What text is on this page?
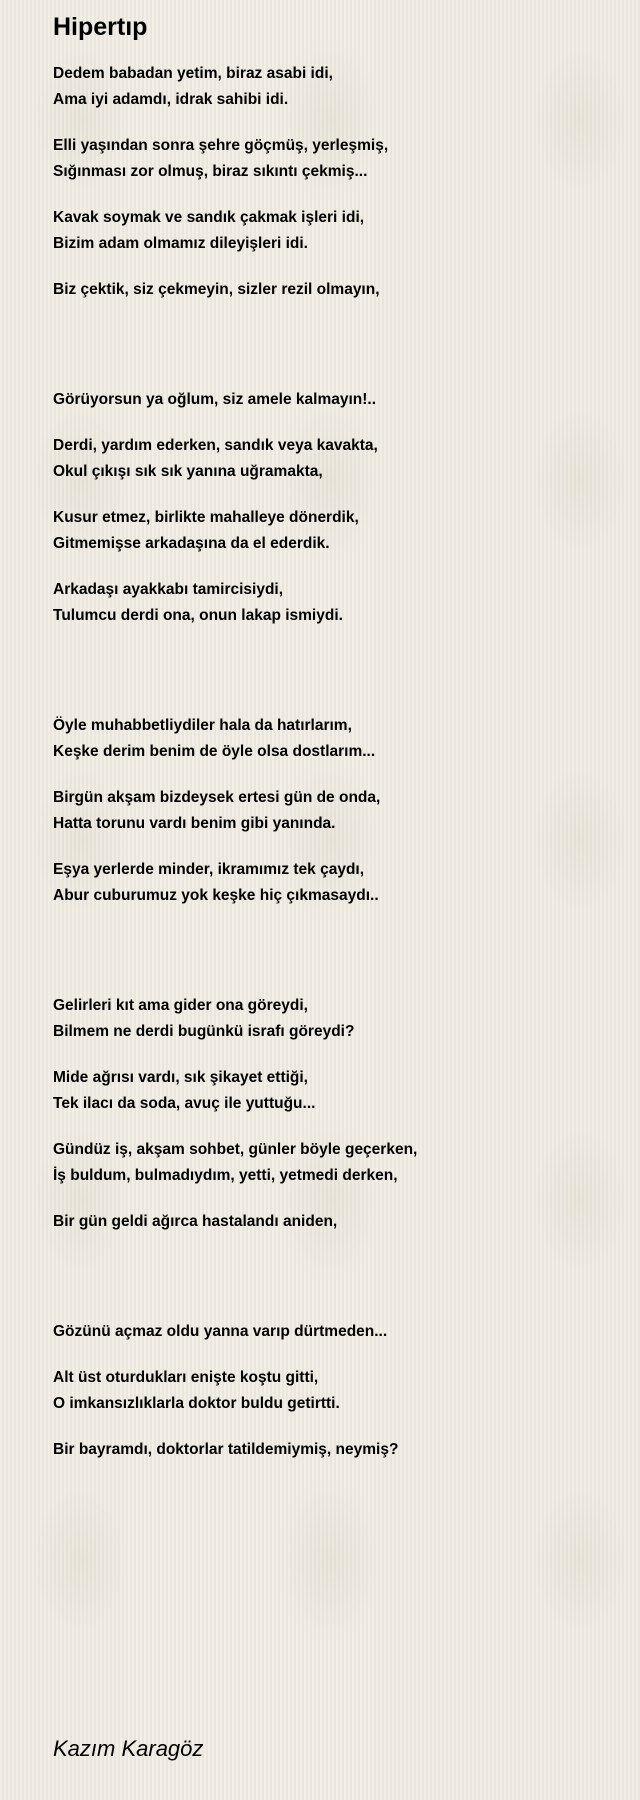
Hipertıp
Dedem babadan yetim, biraz asabi idi,
Ama iyi adamdı, idrak sahibi idi.
Elli yaşından sonra şehre göçmüş, yerleşmiş,
Sığınması zor olmuş, biraz sıkıntı çekmiş...
Kavak soymak ve sandık çakmak işleri idi,
Bizim adam olmamız dileyişleri idi.
Biz çektik, siz çekmeyin, sizler rezil olmayın,
Görüyorsun ya oğlum, siz amele kalmayın!..
Derdi, yardım ederken, sandık veya kavakta,
Okul çıkışı sık sık yanına uğramakta,
Kusur etmez, birlikte mahalleye dönerdik,
Gitmemişse arkadaşına da el ederdik.
Arkadaşı ayakkabı tamircisiydi,
Tulumcu derdi ona, onun lakap ismiydi.
Öyle muhabbetliydiler hala da hatırlarım,
Keşke derim benim de öyle olsa dostlarım...
Birgün akşam bizdeysek ertesi gün de onda,
Hatta torunu vardı benim gibi yanında.
Eşya yerlerde minder, ikramımız tek çaydı,
Abur cuburumuz yok keşke hiç çıkmasaydı..
Gelirleri kıt ama gider ona göreydi,
Bilmem ne derdi bugünkü israfı göreydi?
Mide ağrısı vardı, sık şikayet ettiği,
Tek ilacı da soda, avuç ile yuttuğu...
Gündüz iş, akşam sohbet, günler böyle geçerken,
İş buldum, bulmadıydım, yetti, yetmedi derken,
Bir gün geldi ağırca hastalandı aniden,
Gözünü açmaz oldu yanna varıp dürtmeden...
Alt üst oturdukları enişte koştu gitti,
O imkansızlıklarla doktor buldu getirtti.
Bir bayramdı, doktorlar tatildemiymiş, neymiş?
Kazım Karagöz
